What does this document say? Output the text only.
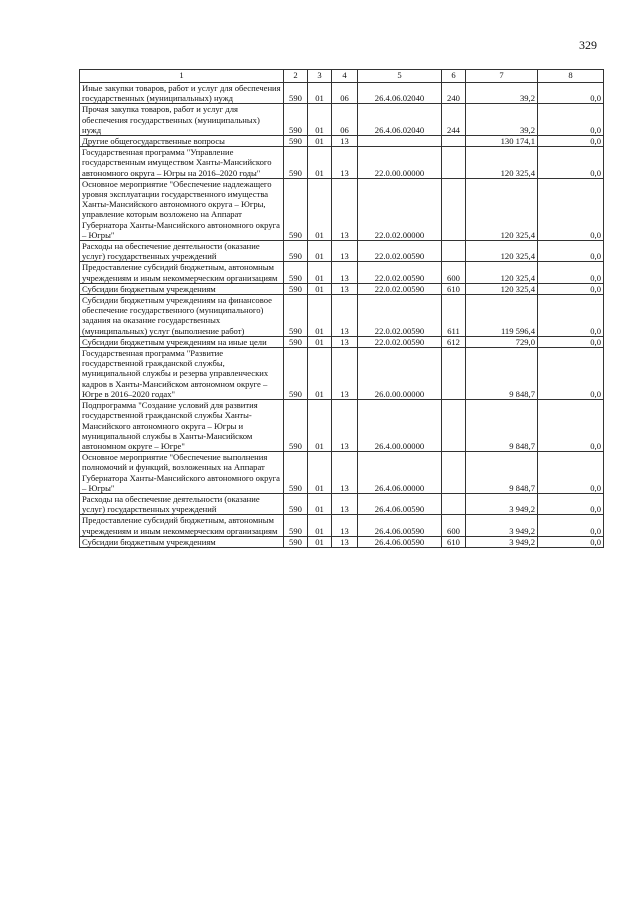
329
1	2	3	4	5	6	7	8
Иные закупки товаров, работ и услуг для обеспечения государственных (муниципальных) нужд	590	01	06	26.4.06.02040	240	39,2	0,0
Прочая закупка товаров, работ и услуг для обеспечения государственных (муниципальных) нужд	590	01	06	26.4.06.02040	244	39,2	0,0
Другие общегосударственные вопросы	590	01	13			130 174,1	0,0
Государственная программа "Управление государственным имуществом Ханты-Мансийского автономного округа – Югры на 2016–2020 годы"	590	01	13	22.0.00.00000		120 325,4	0,0
Основное мероприятие "Обеспечение надлежащего уровня эксплуатации государственного имущества Ханты-Мансийского автономного округа – Югры, управление которым возложено на Аппарат Губернатора Ханты-Мансийского автономного округа – Югры"	590	01	13	22.0.02.00000		120 325,4	0,0
Расходы на обеспечение деятельности (оказание услуг) государственных учреждений	590	01	13	22.0.02.00590		120 325,4	0,0
Предоставление субсидий бюджетным, автономным учреждениям и иным некоммерческим организациям	590	01	13	22.0.02.00590	600	120 325,4	0,0
Субсидии бюджетным учреждениям	590	01	13	22.0.02.00590	610	120 325,4	0,0
Субсидии бюджетным учреждениям на финансовое обеспечение государственного (муниципального) задания на оказание государственных (муниципальных) услуг (выполнение работ)	590	01	13	22.0.02.00590	611	119 596,4	0,0
Субсидии бюджетным учреждениям на иные цели	590	01	13	22.0.02.00590	612	729,0	0,0
Государственная программа "Развитие государственной гражданской службы, муниципальной службы и резерва управленческих кадров в Ханты-Мансийском автономном округе – Югре в 2016–2020 годах"	590	01	13	26.0.00.00000		9 848,7	0,0
Подпрограмма "Создание условий для развития государственной гражданской службы Ханты-Мансийского автономного округа – Югры и муниципальной службы в Ханты-Мансийском автономном округе – Югре"	590	01	13	26.4.00.00000		9 848,7	0,0
Основное мероприятие "Обеспечение выполнения полномочий и функций, возложенных на Аппарат Губернатора Ханты-Мансийского автономного округа – Югры"	590	01	13	26.4.06.00000		9 848,7	0,0
Расходы на обеспечение деятельности (оказание услуг) государственных учреждений	590	01	13	26.4.06.00590		3 949,2	0,0
Предоставление субсидий бюджетным, автономным учреждениям и иным некоммерческим организациям	590	01	13	26.4.06.00590	600	3 949,2	0,0
Субсидии бюджетным учреждениям	590	01	13	26.4.06.00590	610	3 949,2	0,0
